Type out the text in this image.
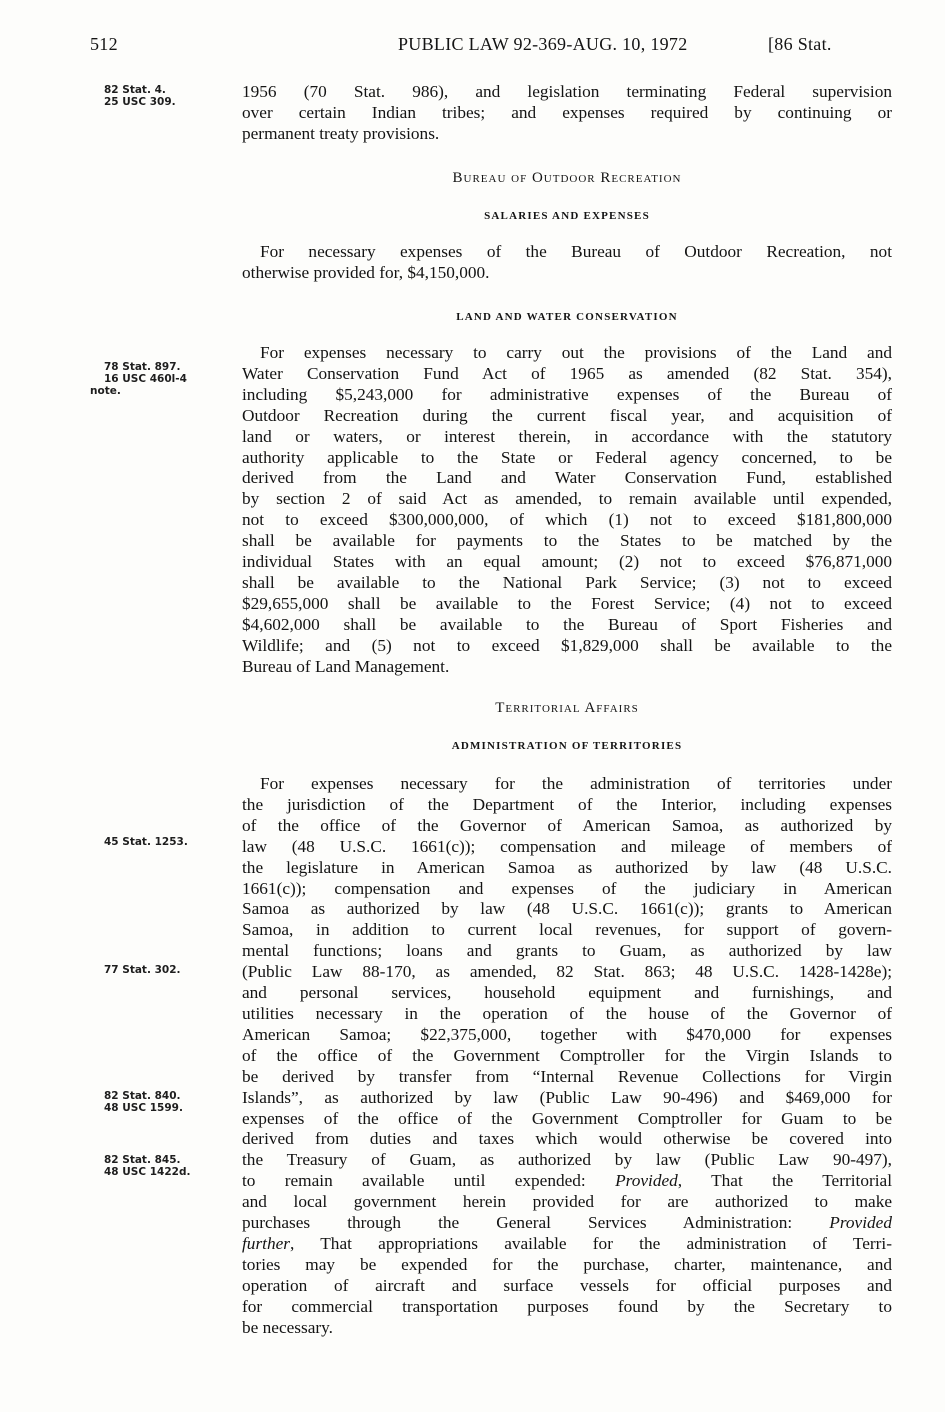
512	PUBLIC LAW 92-369-AUG. 10, 1972	[86 Stat.
82 Stat. 4.
25 USC 309.
78 Stat. 897.
16 USC 460l-4
note.
45 Stat. 1253.
77 Stat. 302.
82 Stat. 840.
48 USC 1599.
82 Stat. 845.
48 USC 1422d.
1956 (70 Stat. 986), and legislation terminating Federal supervision
over certain Indian tribes; and expenses required by continuing or
permanent treaty provisions.
Bureau of Outdoor Recreation
SALARIES AND EXPENSES
For necessary expenses of the Bureau of Outdoor Recreation, not
otherwise provided for, $4,150,000.
LAND AND WATER CONSERVATION
For expenses necessary to carry out the provisions of the Land and
Water Conservation Fund Act of 1965 as amended (82 Stat. 354),
including $5,243,000 for administrative expenses of the Bureau of
Outdoor Recreation during the current fiscal year, and acquisition of
land or waters, or interest therein, in accordance with the statutory
authority applicable to the State or Federal agency concerned, to be
derived from the Land and Water Conservation Fund, established
by section 2 of said Act as amended, to remain available until expended,
not to exceed $300,000,000, of which (1) not to exceed $181,800,000
shall be available for payments to the States to be matched by the
individual States with an equal amount; (2) not to exceed $76,871,000
shall be available to the National Park Service; (3) not to exceed
$29,655,000 shall be available to the Forest Service; (4) not to exceed
$4,602,000 shall be available to the Bureau of Sport Fisheries and
Wildlife; and (5) not to exceed $1,829,000 shall be available to the
Bureau of Land Management.
Territorial Affairs
ADMINISTRATION OF TERRITORIES
For expenses necessary for the administration of territories under
the jurisdiction of the Department of the Interior, including expenses
of the office of the Governor of American Samoa, as authorized by
law (48 U.S.C. 1661(c)); compensation and mileage of members of
the legislature in American Samoa as authorized by law (48 U.S.C.
1661(c)); compensation and expenses of the judiciary in American
Samoa as authorized by law (48 U.S.C. 1661(c)); grants to American
Samoa, in addition to current local revenues, for support of govern-
mental functions; loans and grants to Guam, as authorized by law
(Public Law 88-170, as amended, 82 Stat. 863; 48 U.S.C. 1428-1428e);
and personal services, household equipment and furnishings, and
utilities necessary in the operation of the house of the Governor of
American Samoa; $22,375,000, together with $470,000 for expenses
of the office of the Government Comptroller for the Virgin Islands to
be derived by transfer from “Internal Revenue Collections for Virgin
Islands”, as authorized by law (Public Law 90-496) and $469,000 for
expenses of the office of the Government Comptroller for Guam to be
derived from duties and taxes which would otherwise be covered into
the Treasury of Guam, as authorized by law (Public Law 90-497),
to remain available until expended: Provided, That the Territorial
and local government herein provided for are authorized to make
purchases through the General Services Administration: Provided
further, That appropriations available for the administration of Terri-
tories may be expended for the purchase, charter, maintenance, and
operation of aircraft and surface vessels for official purposes and
for commercial transportation purposes found by the Secretary to
be necessary.
